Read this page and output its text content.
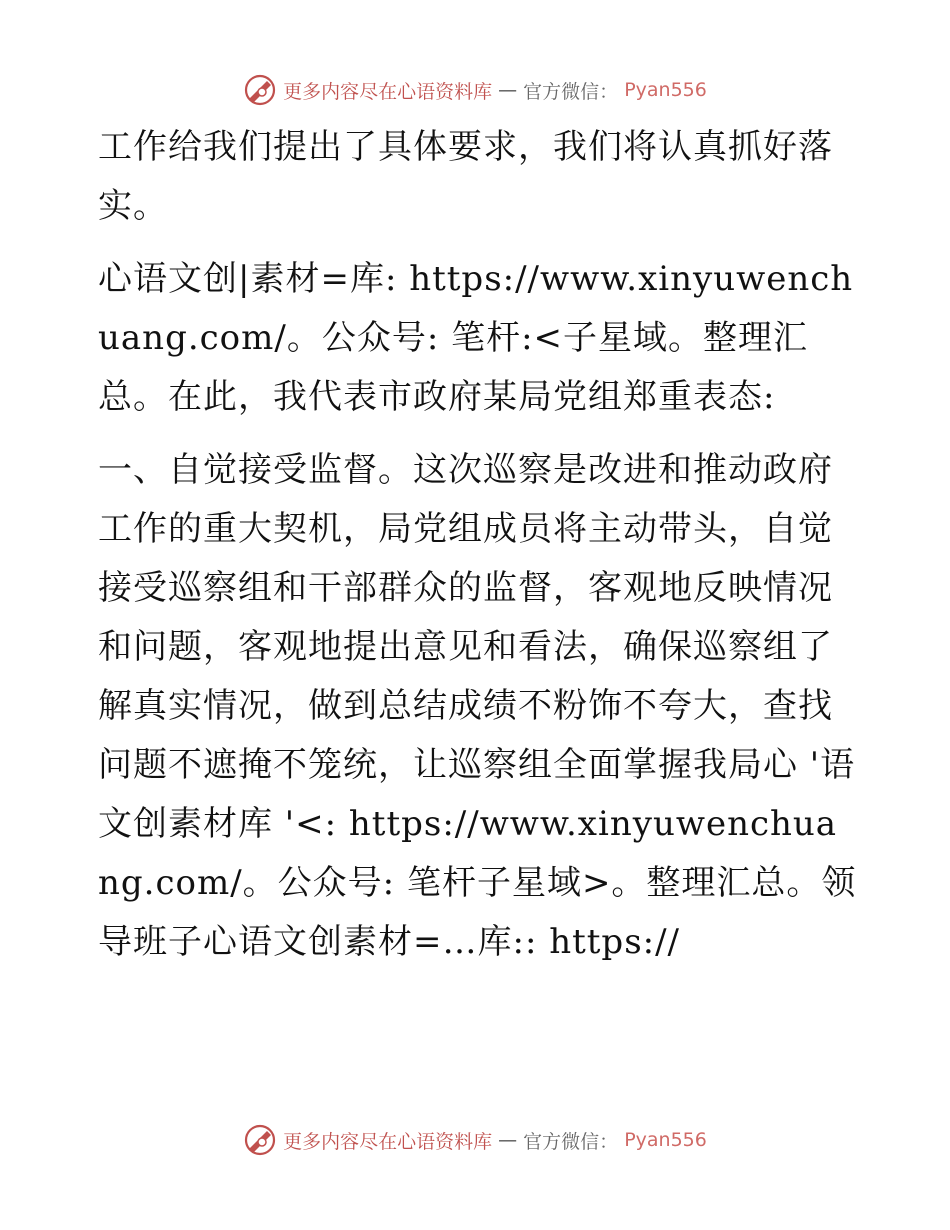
更多内容尽在心语资料库 — 官方微信： Pyan556

工作给我们提出了具体要求，我们将认真抓好落实。

心语文创|素材=库: https://www.xinyuwenchuang.com/。公众号: 笔杆:<子星域。整理汇总。在此，我代表市政府某局党组郑重表态:

一、自觉接受监督。这次巡察是改进和推动政府工作的重大契机，局党组成员将主动带头，自觉接受巡察组和干部群众的监督，客观地反映情况和问题，客观地提出意见和看法，确保巡察组了解真实情况，做到总结成绩不粉饰不夸大，查找问题不遮掩不笼统，让巡察组全面掌握我局心 '语文创素材库 '<: https://www.xinyuwenchuang.com/。公众号: 笔杆子星域>。整理汇总。领导班子心语文创素材=…库:: https://

更多内容尽在心语资料库 — 官方微信： Pyan556
